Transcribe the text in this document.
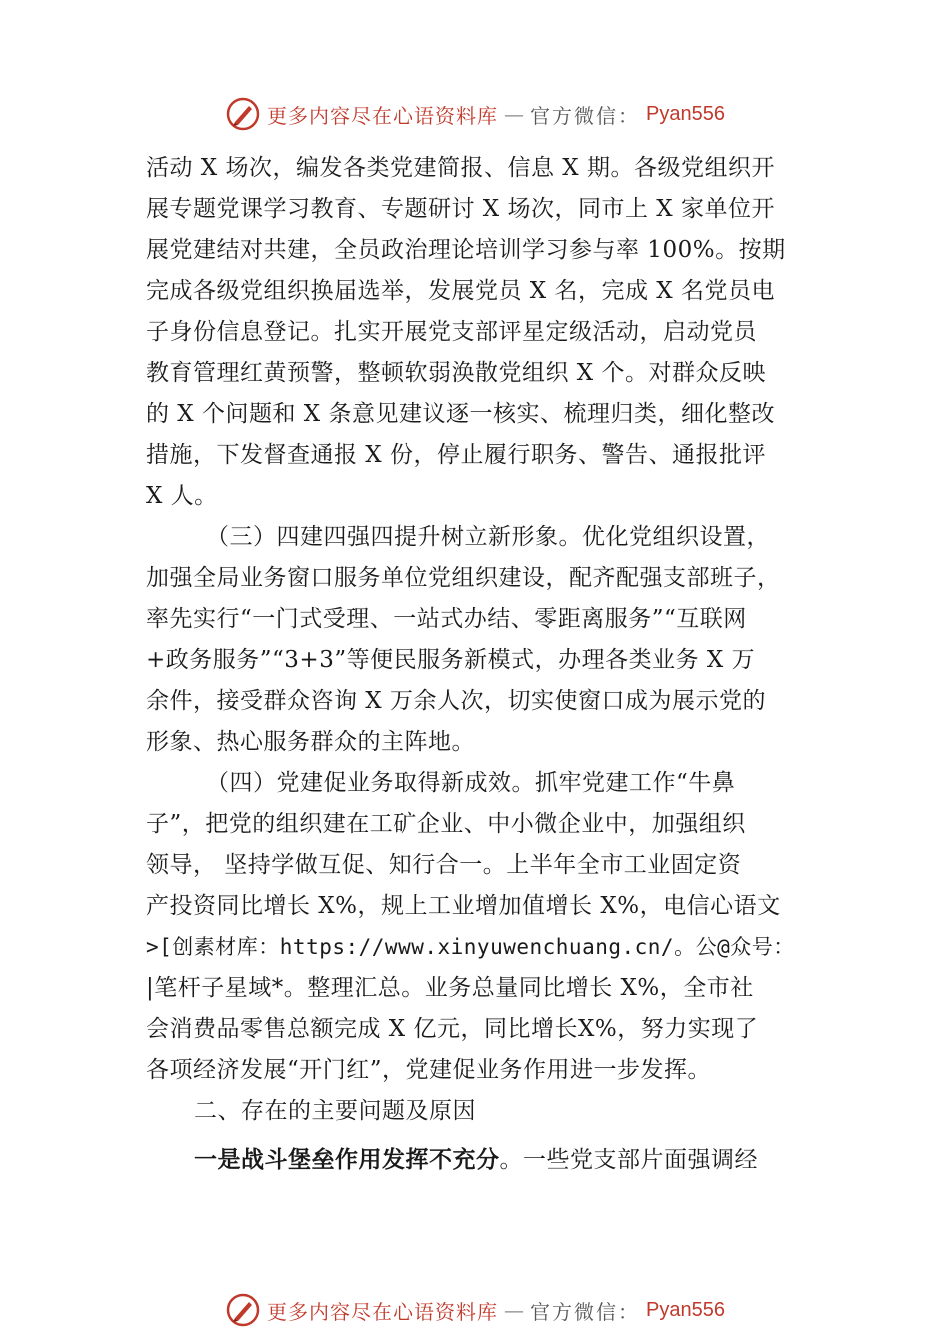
更多内容尽在心语资料库 — 官方微信： Pyan556
活动 X 场次，编发各类党建简报、信息 X 期。各级党组织开
展专题党课学习教育、专题研讨 X 场次，同市上 X 家单位开
展党建结对共建，全员政治理论培训学习参与率 100%。按期
完成各级党组织换届选举，发展党员 X 名，完成 X 名党员电
子身份信息登记。扎实开展党支部评星定级活动，启动党员
教育管理红黄预警，整顿软弱涣散党组织 X 个。对群众反映
的 X 个问题和 X 条意见建议逐一核实、梳理归类，细化整改
措施，下发督查通报 X 份，停止履行职务、警告、通报批评
X 人。
（三）四建四强四提升树立新形象。优化党组织设置，
加强全局业务窗口服务单位党组织建设，配齐配强支部班子，
率先实行“一门式受理、一站式办结、零距离服务”“互联网
+政务服务”“3+3”等便民服务新模式，办理各类业务 X 万
余件，接受群众咨询 X 万余人次，切实使窗口成为展示党的
形象、热心服务群众的主阵地。
（四）党建促业务取得新成效。抓牢党建工作“牛鼻
子”，把党的组织建在工矿企业、中小微企业中，加强组织
领导， 坚持学做互促、知行合一。上半年全市工业固定资
产投资同比增长 X%，规上工业增加值增长 X%，电信心语文
>[创素材库：https://www.xinyuwenchuang.cn/。公@众号：
|笔杆子星域*。整理汇总。业务总量同比增长 X%，全市社
会消费品零售总额完成 X 亿元，同比增长X%，努力实现了
各项经济发展“开门红”，党建促业务作用进一步发挥。
二、存在的主要问题及原因
一是战斗堡垒作用发挥不充分。一些党支部片面强调经
更多内容尽在心语资料库 — 官方微信： Pyan556
